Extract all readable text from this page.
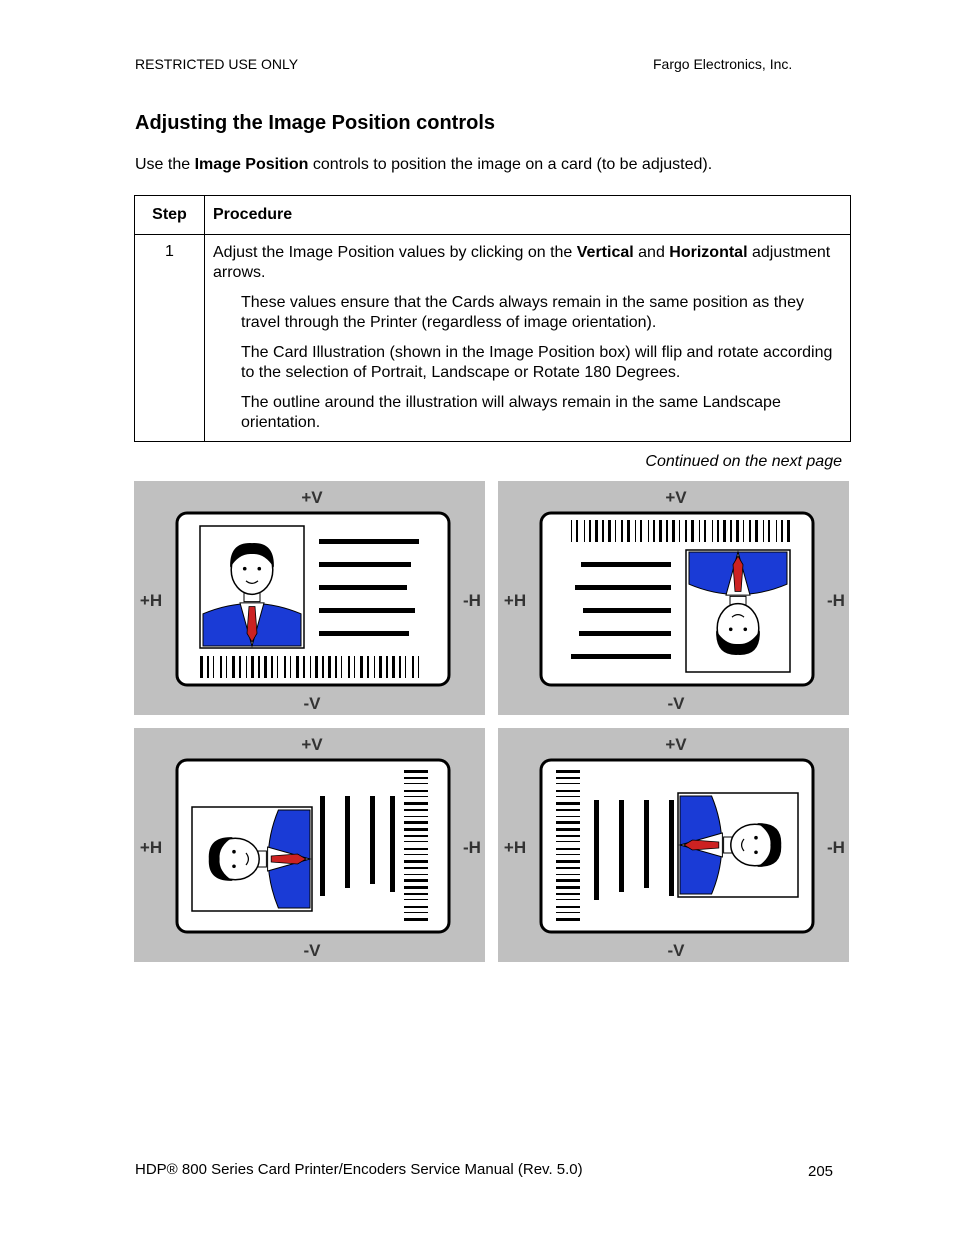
RESTRICTED USE ONLY	Fargo Electronics, Inc.
Adjusting the Image Position controls

Use the Image Position controls to position the image on a card (to be adjusted).

Step	Procedure
1	Adjust the Image Position values by clicking on the Vertical and Horizontal adjustment arrows.
These values ensure that the Cards always remain in the same position as they travel through the Printer (regardless of image orientation).
The Card Illustration (shown in the Image Position box) will flip and rotate according to the selection of Portrait, Landscape or Rotate 180 Degrees.
The outline around the illustration will always remain in the same Landscape orientation.
Continued on the next page
+V
-V
+H	-H
+V
-V
+H	-H
+V
-V
+H	-H
+V
-V
+H	-H
HDP® 800 Series Card Printer/Encoders Service Manual (Rev. 5.0)	205
